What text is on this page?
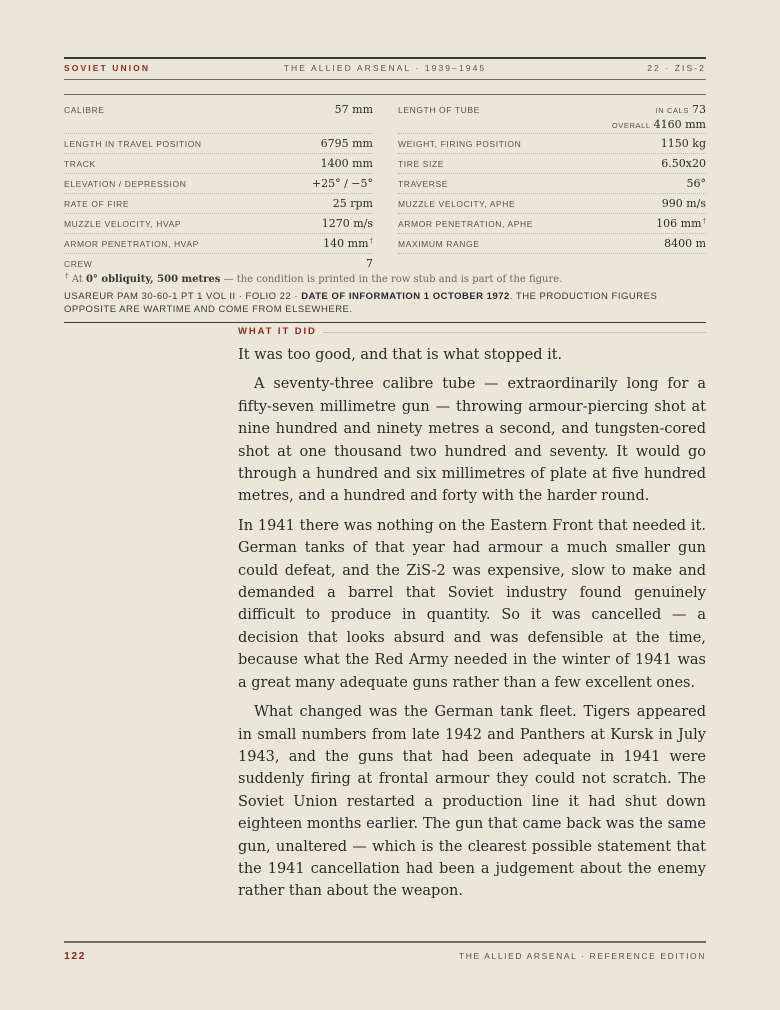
SOVIET UNION	THE ALLIED ARSENAL · 1939–1945	22 · ZIS-2
CALIBRE	57 mm
LENGTH IN TRAVEL POSITION	6795 mm
TRACK	1400 mm
ELEVATION / DEPRESSION	+25° / −5°
RATE OF FIRE	25 rpm
MUZZLE VELOCITY, HVAP	1270 m/s
ARMOR PENETRATION, HVAP	140 mm†
CREW	7
LENGTH OF TUBE	IN CALS 73
OVERALL 4160 mm
WEIGHT, FIRING POSITION	1150 kg
TIRE SIZE	6.50x20
TRAVERSE	56°
MUZZLE VELOCITY, APHE	990 m/s
ARMOR PENETRATION, APHE	106 mm†
MAXIMUM RANGE	8400 m
† At 0° obliquity, 500 metres — the condition is printed in the row stub and is part of the figure.
USAREUR PAM 30-60-1 PT 1 VOL II · FOLIO 22 · DATE OF INFORMATION 1 OCTOBER 1972. THE PRODUCTION FIGURES OPPOSITE ARE WARTIME AND COME FROM ELSEWHERE.
WHAT IT DID

It was too good, and that is what stopped it.

A seventy-three calibre tube — extraordinarily long for a fifty-seven millimetre gun — throwing armour-piercing shot at nine hundred and ninety metres a second, and tungsten-cored shot at one thousand two hundred and seventy. It would go through a hundred and six millimetres of plate at five hundred metres, and a hundred and forty with the harder round.

In 1941 there was nothing on the Eastern Front that needed it. German tanks of that year had armour a much smaller gun could defeat, and the ZiS-2 was expensive, slow to make and demanded a barrel that Soviet industry found genuinely difficult to produce in quantity. So it was cancelled — a decision that looks absurd and was defensible at the time, because what the Red Army needed in the winter of 1941 was a great many adequate guns rather than a few excellent ones.

What changed was the German tank fleet. Tigers appeared in small numbers from late 1942 and Panthers at Kursk in July 1943, and the guns that had been adequate in 1941 were suddenly firing at frontal armour they could not scratch. The Soviet Union restarted a production line it had shut down eighteen months earlier. The gun that came back was the same gun, unaltered — which is the clearest possible statement that the 1941 cancellation had been a judgement about the enemy rather than about the weapon.

122	THE ALLIED ARSENAL · REFERENCE EDITION
